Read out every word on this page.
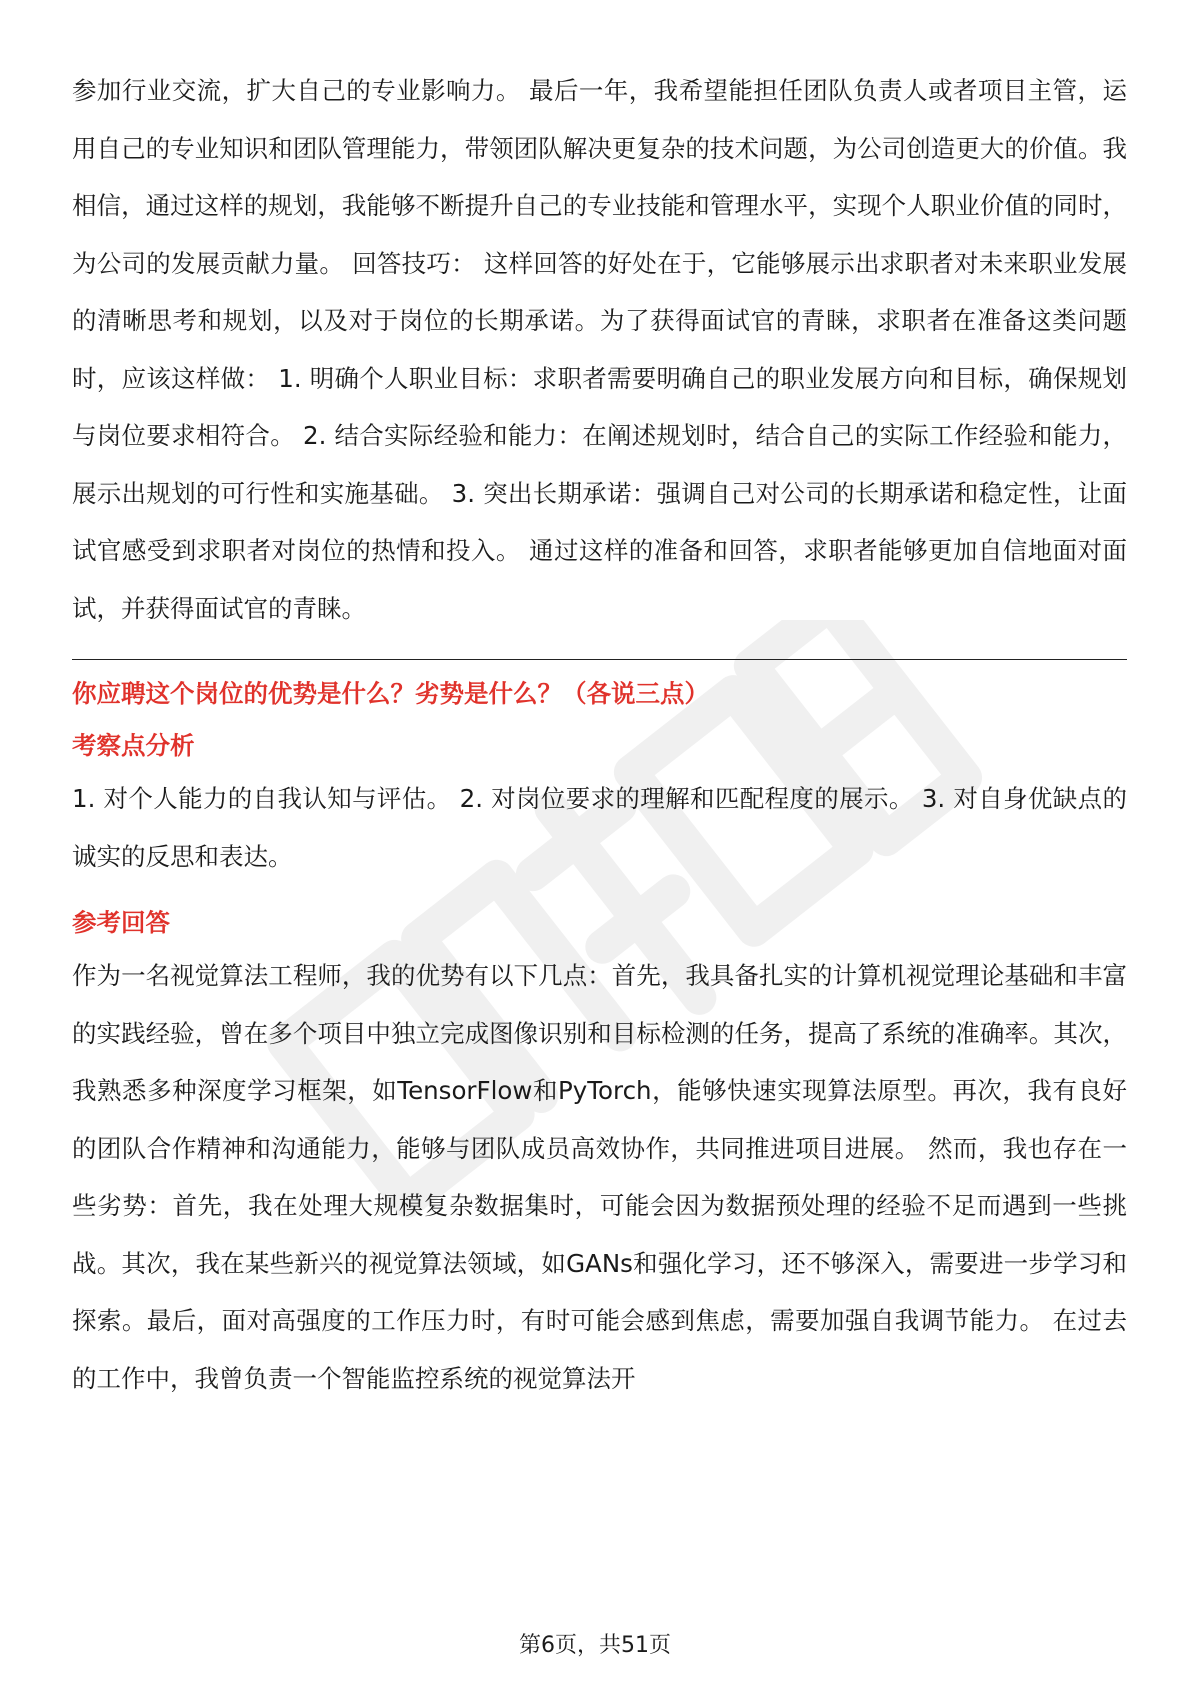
参加行业交流，扩大自己的专业影响力。 最后一年，我希望能担任团队负责人或者项目主管，运用自己的专业知识和团队管理能力，带领团队解决更复杂的技术问题，为公司创造更大的价值。我相信，通过这样的规划，我能够不断提升自己的专业技能和管理水平，实现个人职业价值的同时，为公司的发展贡献力量。 回答技巧： 这样回答的好处在于，它能够展示出求职者对未来职业发展的清晰思考和规划，以及对于岗位的长期承诺。为了获得面试官的青睐，求职者在准备这类问题时，应该这样做： 1. 明确个人职业目标：求职者需要明确自己的职业发展方向和目标，确保规划与岗位要求相符合。 2. 结合实际经验和能力：在阐述规划时，结合自己的实际工作经验和能力，展示出规划的可行性和实施基础。 3. 突出长期承诺：强调自己对公司的长期承诺和稳定性，让面试官感受到求职者对岗位的热情和投入。 通过这样的准备和回答，求职者能够更加自信地面对面试，并获得面试官的青睐。

你应聘这个岗位的优势是什么？劣势是什么？（各说三点）
考察点分析

1. 对个人能力的自我认知与评估。 2. 对岗位要求的理解和匹配程度的展示。 3. 对自身优缺点的诚实的反思和表达。

参考回答

作为一名视觉算法工程师，我的优势有以下几点：首先，我具备扎实的计算机视觉理论基础和丰富的实践经验，曾在多个项目中独立完成图像识别和目标检测的任务，提高了系统的准确率。其次，我熟悉多种深度学习框架，如TensorFlow和PyTorch，能够快速实现算法原型。再次，我有良好的团队合作精神和沟通能力，能够与团队成员高效协作，共同推进项目进展。 然而，我也存在一些劣势：首先，我在处理大规模复杂数据集时，可能会因为数据预处理的经验不足而遇到一些挑战。其次，我在某些新兴的视觉算法领域，如GANs和强化学习，还不够深入，需要进一步学习和探索。最后，面对高强度的工作压力时，有时可能会感到焦虑，需要加强自我调节能力。 在过去的工作中，我曾负责一个智能监控系统的视觉算法开

第6页，共51页
